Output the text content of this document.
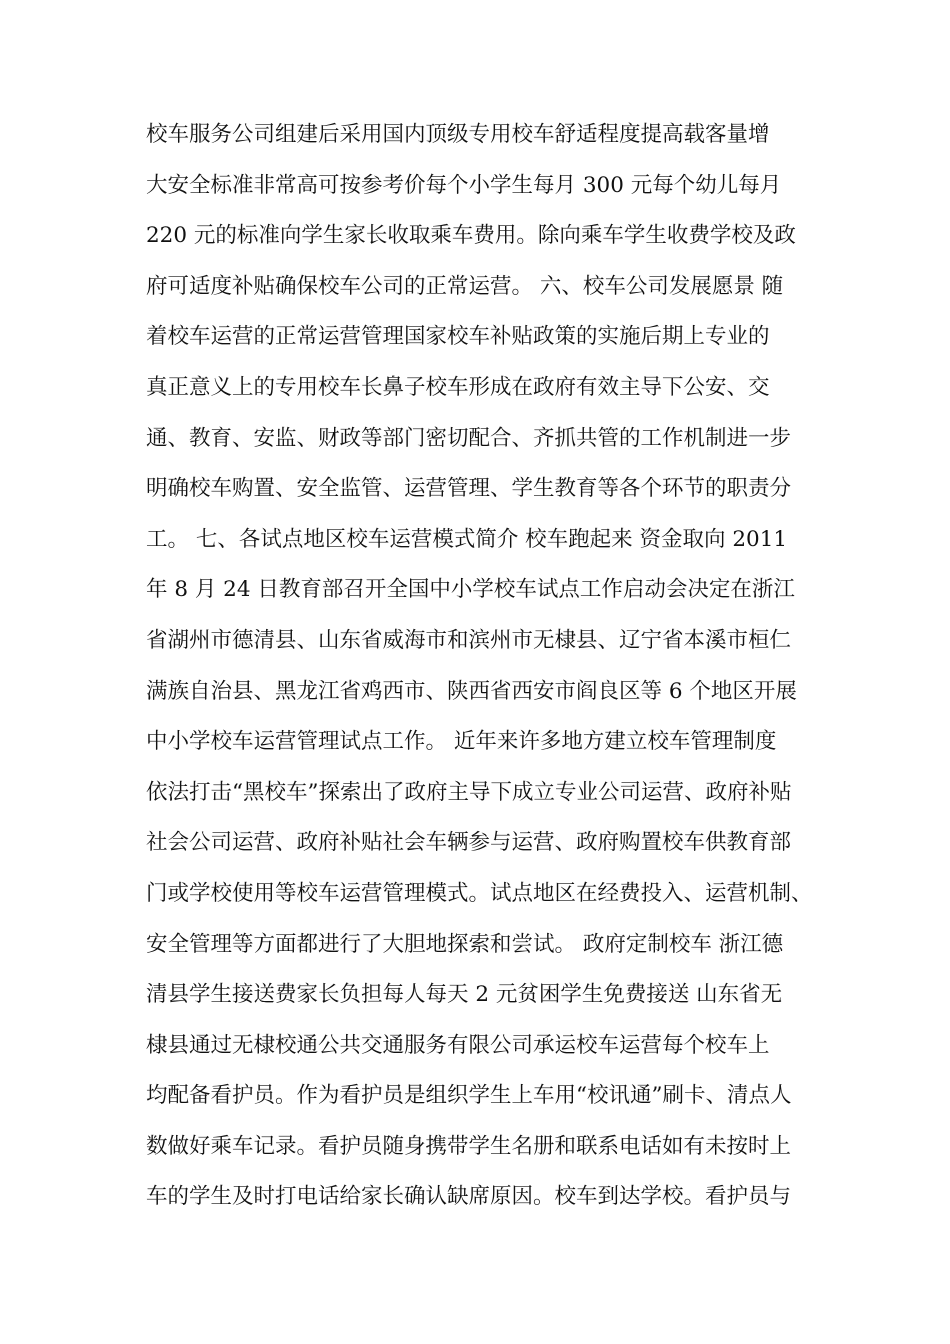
校车服务公司组建后采用国内顶级专用校车舒适程度提高载客量增
大安全标准非常高可按参考价每个小学生每月 300 元每个幼儿每月
220 元的标准向学生家长收取乘车费用。除向乘车学生收费学校及政
府可适度补贴确保校车公司的正常运营。 六、校车公司发展愿景 随
着校车运营的正常运营管理国家校车补贴政策的实施后期上专业的
真正意义上的专用校车长鼻子校车形成在政府有效主导下公安、交
通、教育、安监、财政等部门密切配合、齐抓共管的工作机制进一步
明确校车购置、安全监管、运营管理、学生教育等各个环节的职责分
工。 七、各试点地区校车运营模式简介 校车跑起来 资金取向 2011
年 8 月 24 日教育部召开全国中小学校车试点工作启动会决定在浙江
省湖州市德清县、山东省威海市和滨州市无棣县、辽宁省本溪市桓仁
满族自治县、黑龙江省鸡西市、陕西省西安市阎良区等 6 个地区开展
中小学校车运营管理试点工作。 近年来许多地方建立校车管理制度
依法打击“黑校车”探索出了政府主导下成立专业公司运营、政府补贴
社会公司运营、政府补贴社会车辆参与运营、政府购置校车供教育部
门或学校使用等校车运营管理模式。试点地区在经费投入、运营机制、
安全管理等方面都进行了大胆地探索和尝试。 政府定制校车 浙江德
清县学生接送费家长负担每人每天 2 元贫困学生免费接送 山东省无
棣县通过无棣校通公共交通服务有限公司承运校车运营每个校车上
均配备看护员。作为看护员是组织学生上车用“校讯通”刷卡、清点人
数做好乘车记录。看护员随身携带学生名册和联系电话如有未按时上
车的学生及时打电话给家长确认缺席原因。校车到达学校。看护员与
